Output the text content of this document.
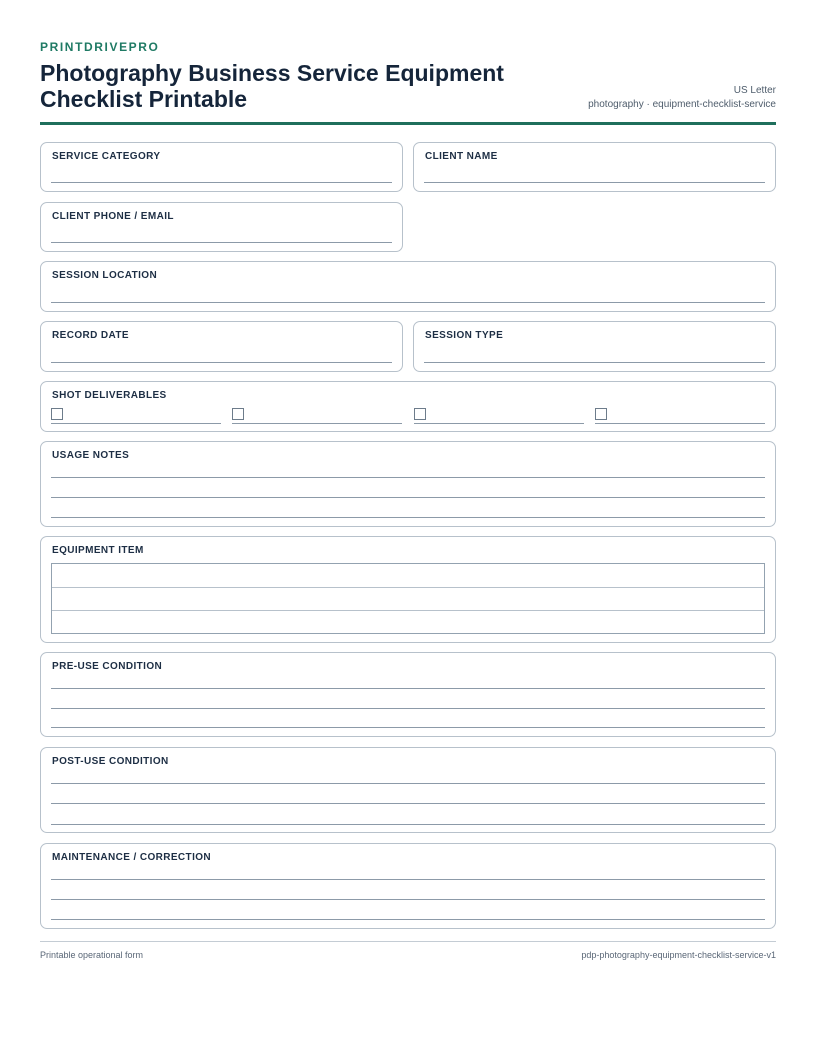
PRINTDRIVEPRO
Photography Business Service Equipment Checklist Printable	US Letter
photography · equipment-checklist-service
SERVICE CATEGORY	CLIENT NAME
CLIENT PHONE / EMAIL
SESSION LOCATION
RECORD DATE	SESSION TYPE
SHOT DELIVERABLES
USAGE NOTES
EQUIPMENT ITEM
PRE-USE CONDITION
POST-USE CONDITION
MAINTENANCE / CORRECTION
Printable operational form	pdp-photography-equipment-checklist-service-v1
